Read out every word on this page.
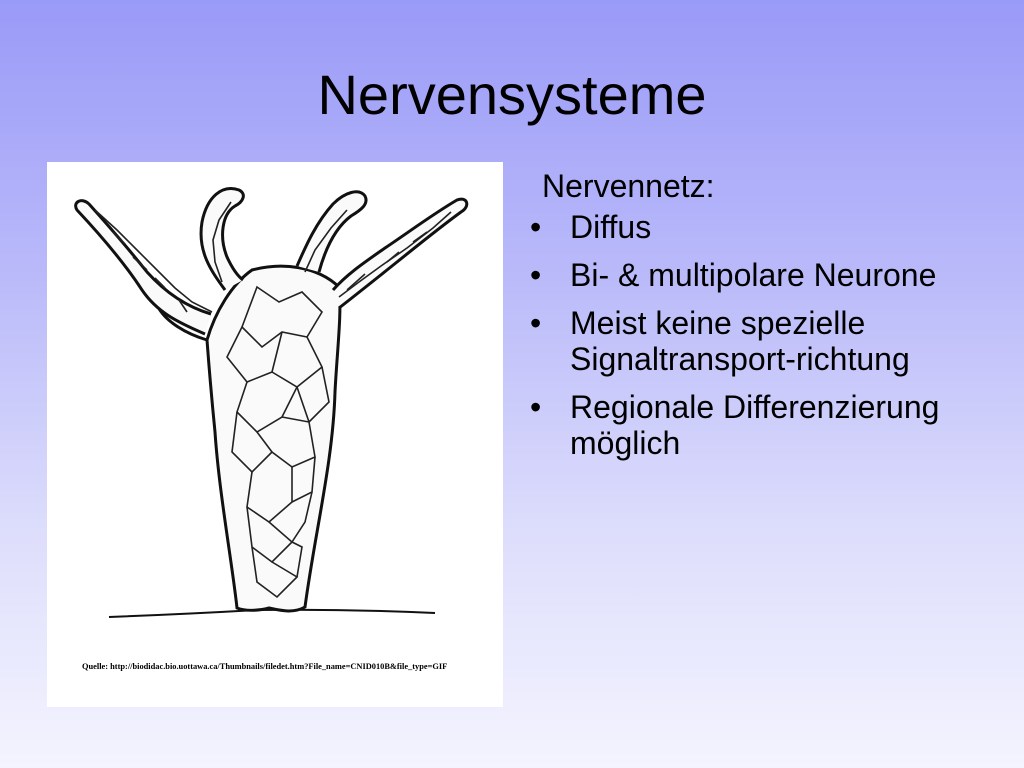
Nervensysteme
Quelle: http://biodidac.bio.uottawa.ca/Thumbnails/filedet.htm?File_name=CNID010B&file_type=GIF
Nervennetz:
• Diffus
• Bi- & multipolare Neurone
• Meist keine spezielle Signaltransport-richtung
• Regionale Differenzierung möglich
